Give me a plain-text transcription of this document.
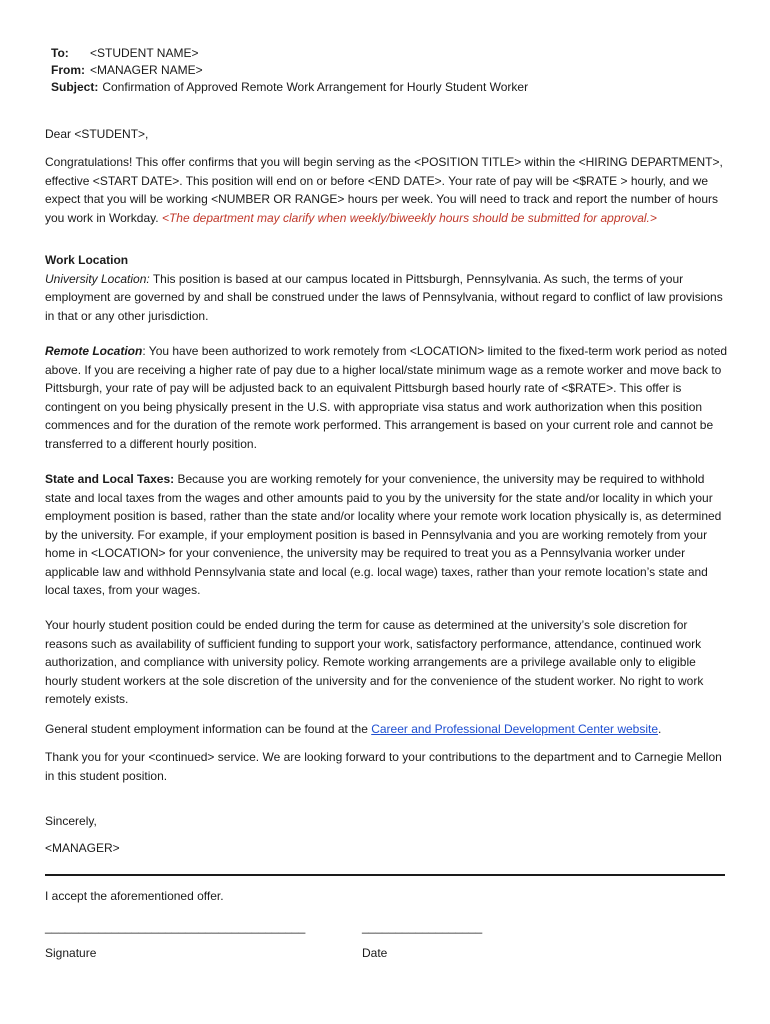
To: <STUDENT NAME>
From: <MANAGER NAME>
Subject: Confirmation of Approved Remote Work Arrangement for Hourly Student Worker

Dear <STUDENT>,

Congratulations! This offer confirms that you will begin serving as the <POSITION TITLE> within the <HIRING DEPARTMENT>, effective <START DATE>. This position will end on or before <END DATE>. Your rate of pay will be <$RATE > hourly, and we expect that you will be working <NUMBER OR RANGE> hours per week. You will need to track and report the number of hours you work in Workday. <The department may clarify when weekly/biweekly hours should be submitted for approval.>

Work Location

University Location: This position is based at our campus located in Pittsburgh, Pennsylvania. As such, the terms of your employment are governed by and shall be construed under the laws of Pennsylvania, without regard to conflict of law provisions in that or any other jurisdiction.

Remote Location: You have been authorized to work remotely from <LOCATION> limited to the fixed-term work period as noted above. If you are receiving a higher rate of pay due to a higher local/state minimum wage as a remote worker and move back to Pittsburgh, your rate of pay will be adjusted back to an equivalent Pittsburgh based hourly rate of <$RATE>. This offer is contingent on you being physically present in the U.S. with appropriate visa status and work authorization when this position commences and for the duration of the remote work performed. This arrangement is based on your current role and cannot be transferred to a different hourly position.

State and Local Taxes: Because you are working remotely for your convenience, the university may be required to withhold state and local taxes from the wages and other amounts paid to you by the university for the state and/or locality in which your employment position is based, rather than the state and/or locality where your remote work location physically is, as determined by the university. For example, if your employment position is based in Pennsylvania and you are working remotely from your home in <LOCATION> for your convenience, the university may be required to treat you as a Pennsylvania worker under applicable law and withhold Pennsylvania state and local (e.g. local wage) taxes, rather than your remote location’s state and local taxes, from your wages.

Your hourly student position could be ended during the term for cause as determined at the university’s sole discretion for reasons such as availability of sufficient funding to support your work, satisfactory performance, attendance, continued work authorization, and compliance with university policy. Remote working arrangements are a privilege available only to eligible hourly student workers at the sole discretion of the university and for the convenience of the student worker. No right to work remotely exists.

General student employment information can be found at the Career and Professional Development Center website.

Thank you for your <continued> service. We are looking forward to your contributions to the department and to Carnegie Mellon in this student position.

Sincerely,

<MANAGER>

I accept the aforementioned offer.

_______________________________________	__________________
Signature	Date
